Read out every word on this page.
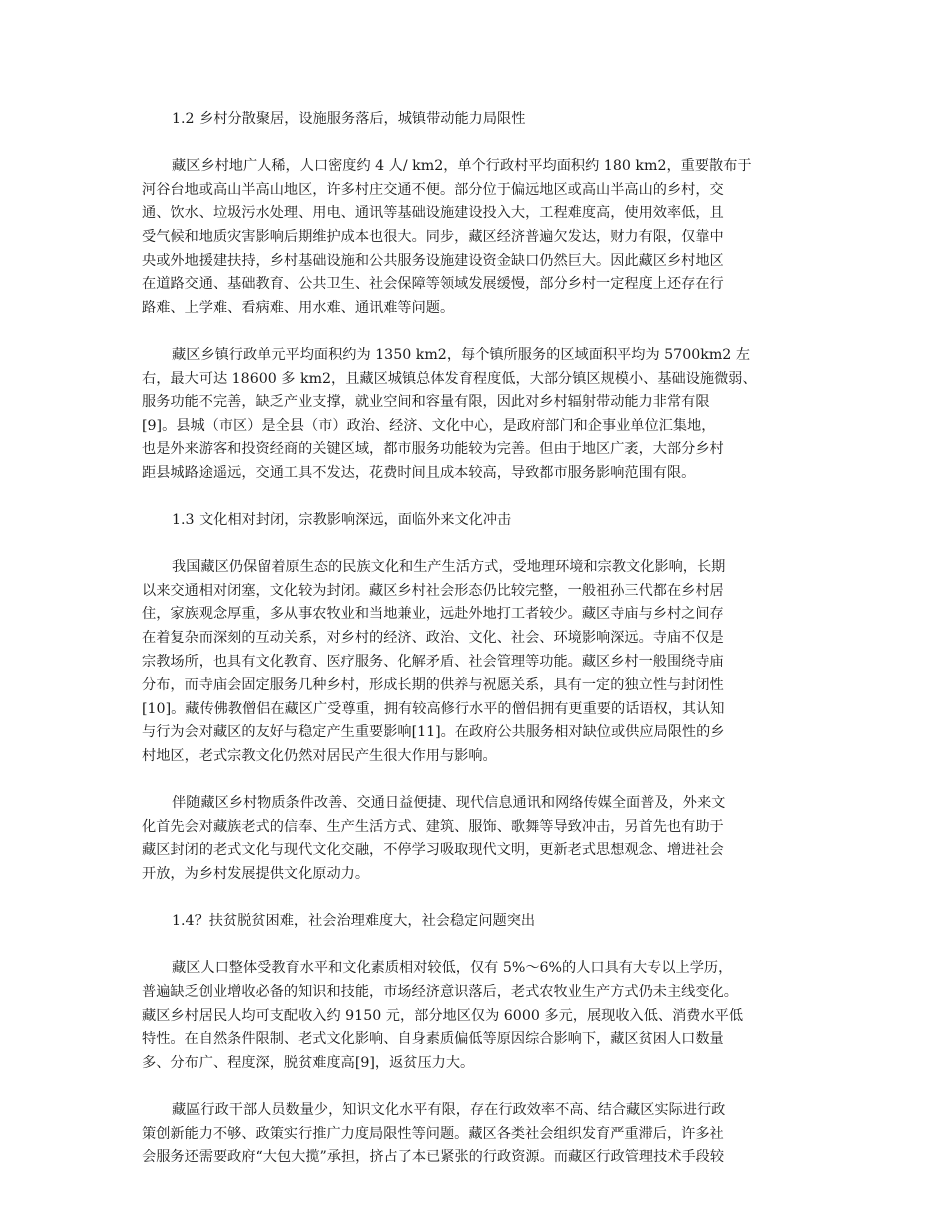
1.2 乡村分散聚居，设施服务落后，城镇带动能力局限性

藏区乡村地广人稀，人口密度约 4 人/ km2，单个行政村平均面积约 180 km2，重要散布于
河谷台地或高山半高山地区，许多村庄交通不便。部分位于偏远地区或高山半高山的乡村，交
通、饮水、垃圾污水处理、用电、通讯等基础设施建设投入大，工程难度高，使用效率低，且
受气候和地质灾害影响后期维护成本也很大。同步，藏区经济普遍欠发达，财力有限，仅靠中
央或外地援建扶持，乡村基础设施和公共服务设施建设资金缺口仍然巨大。因此藏区乡村地区
在道路交通、基础教育、公共卫生、社会保障等领域发展缓慢，部分乡村一定程度上还存在行
路难、上学难、看病难、用水难、通讯难等问题。

藏区乡镇行政单元平均面积约为 1350 km2，每个镇所服务的区域面积平均为 5700km2 左
右，最大可达 18600 多 km2，且藏区城镇总体发育程度低，大部分镇区规模小、基础设施微弱、
服务功能不完善，缺乏产业支撑，就业空间和容量有限，因此对乡村辐射带动能力非常有限
[9]。县城（市区）是全县（市）政治、经济、文化中心，是政府部门和企事业单位汇集地，
也是外来游客和投资经商的关键区域，都市服务功能较为完善。但由于地区广袤，大部分乡村
距县城路途遥远，交通工具不发达，花费时间且成本较高，导致都市服务影响范围有限。

1.3 文化相对封闭，宗教影响深远，面临外来文化冲击

我国藏区仍保留着原生态的民族文化和生产生活方式，受地理环境和宗教文化影响，长期
以来交通相对闭塞，文化较为封闭。藏区乡村社会形态仍比较完整，一般祖孙三代都在乡村居
住，家族观念厚重，多从事农牧业和当地兼业，远赴外地打工者较少。藏区寺庙与乡村之间存
在着复杂而深刻的互动关系，对乡村的经济、政治、文化、社会、环境影响深远。寺庙不仅是
宗教场所，也具有文化教育、医疗服务、化解矛盾、社会管理等功能。藏区乡村一般围绕寺庙
分布，而寺庙会固定服务几种乡村，形成长期的供养与祝愿关系，具有一定的独立性与封闭性
[10]。藏传佛教僧侣在藏区广受尊重，拥有较高修行水平的僧侣拥有更重要的话语权，其认知
与行为会对藏区的友好与稳定产生重要影响[11]。在政府公共服务相对缺位或供应局限性的乡
村地区，老式宗教文化仍然对居民产生很大作用与影响。

伴随藏区乡村物质条件改善、交通日益便捷、现代信息通讯和网络传媒全面普及，外来文
化首先会对藏族老式的信奉、生产生活方式、建筑、服饰、歌舞等导致冲击，另首先也有助于
藏区封闭的老式文化与现代文化交融，不停学习吸取现代文明，更新老式思想观念、增进社会
开放，为乡村发展提供文化原动力。

1.4？扶贫脱贫困难，社会治理难度大，社会稳定问题突出

藏区人口整体受教育水平和文化素质相对较低，仅有 5%～6%的人口具有大专以上学历，
普遍缺乏创业增收必备的知识和技能，市场经济意识落后，老式农牧业生产方式仍未主线变化。
藏区乡村居民人均可支配收入约 9150 元，部分地区仅为 6000 多元，展现收入低、消费水平低
特性。在自然条件限制、老式文化影响、自身素质偏低等原因综合影响下，藏区贫困人口数量
多、分布广、程度深，脱贫难度高[9]，返贫压力大。

藏區行政干部人员数量少，知识文化水平有限，存在行政效率不高、结合藏区实际进行政
策创新能力不够、政策实行推广力度局限性等问题。藏区各类社会组织发育严重滞后，许多社
会服务还需要政府“大包大揽”承担，挤占了本已紧张的行政资源。而藏区行政管理技术手段较
